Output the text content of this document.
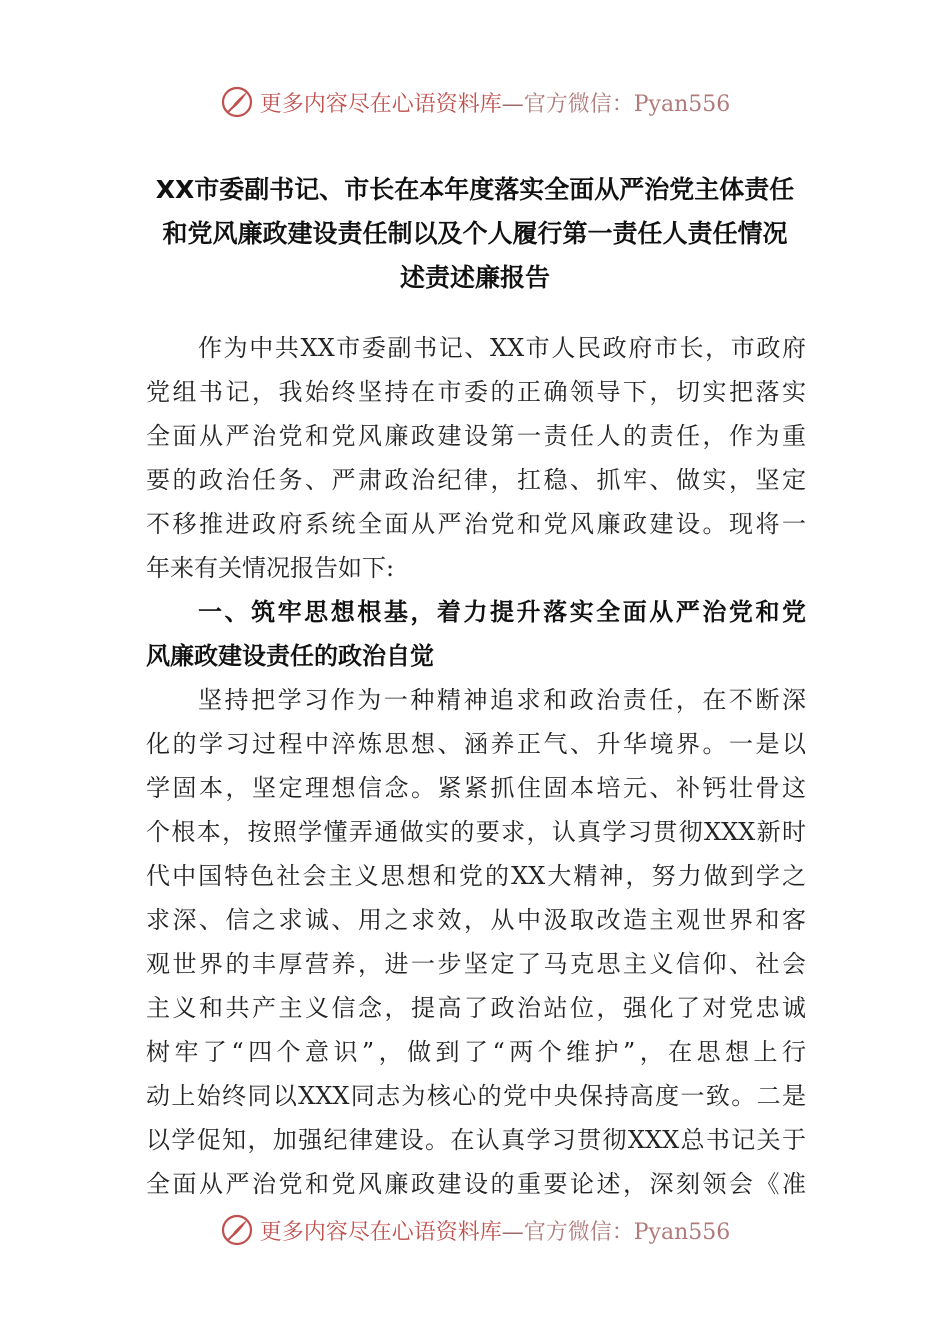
更多内容尽在心语资料库—官方微信：Pyan556
XX市委副书记、市长在本年度落实全面从严治党主体责任
和党风廉政建设责任制以及个人履行第一责任人责任情况
述责述廉报告
作为中共XX市委副书记、XX市人民政府市长，市政府
党组书记，我始终坚持在市委的正确领导下，切实把落实
全面从严治党和党风廉政建设第一责任人的责任，作为重
要的政治任务、严肃政治纪律，扛稳、抓牢、做实，坚定
不移推进政府系统全面从严治党和党风廉政建设。现将一
年来有关情况报告如下:
一、筑牢思想根基，着力提升落实全面从严治党和党
风廉政建设责任的政治自觉
坚持把学习作为一种精神追求和政治责任，在不断深
化的学习过程中淬炼思想、涵养正气、升华境界。一是以
学固本，坚定理想信念。紧紧抓住固本培元、补钙壮骨这
个根本，按照学懂弄通做实的要求，认真学习贯彻XXX新时
代中国特色社会主义思想和党的XX大精神，努力做到学之
求深、信之求诚、用之求效，从中汲取改造主观世界和客
观世界的丰厚营养，进一步坚定了马克思主义信仰、社会
主义和共产主义信念，提高了政治站位，强化了对党忠诚
树牢了“四个意识”，做到了“两个维护”，在思想上行
动上始终同以XXX同志为核心的党中央保持高度一致。二是
以学促知，加强纪律建设。在认真学习贯彻XXX总书记关于
全面从严治党和党风廉政建设的重要论述，深刻领会《准
更多内容尽在心语资料库—官方微信：Pyan556
